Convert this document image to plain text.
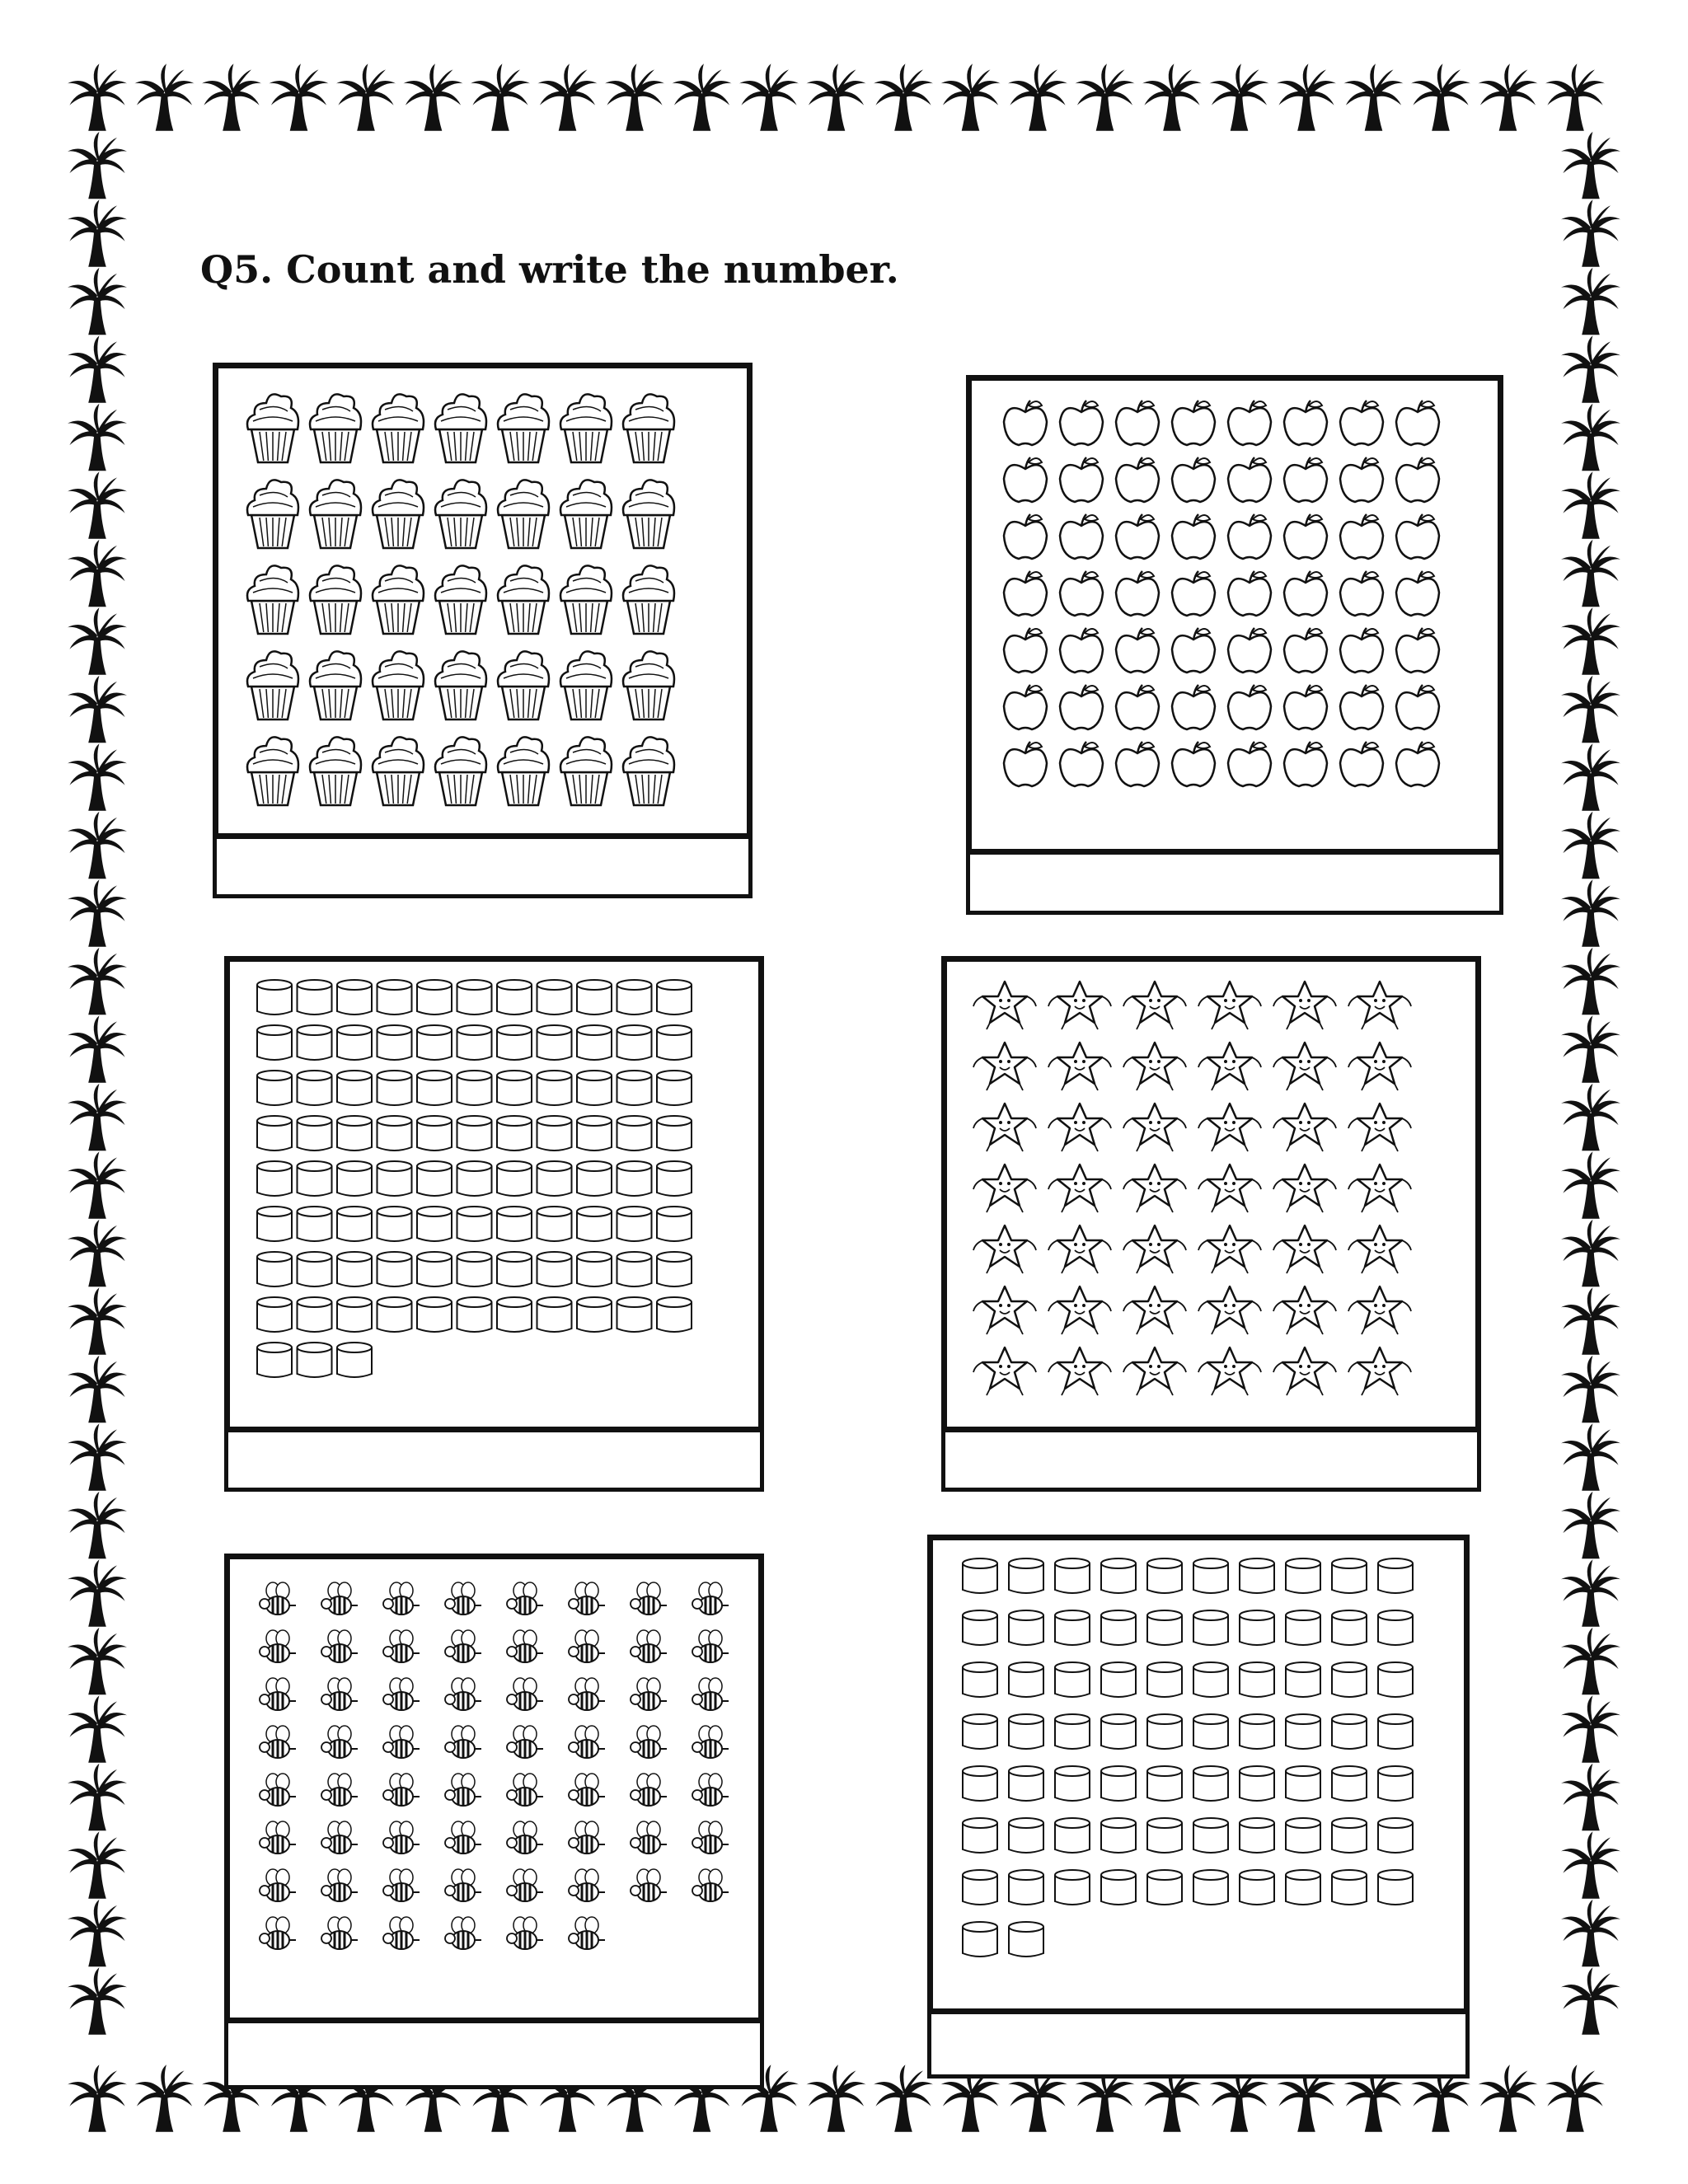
Q5. Count and write the number.
